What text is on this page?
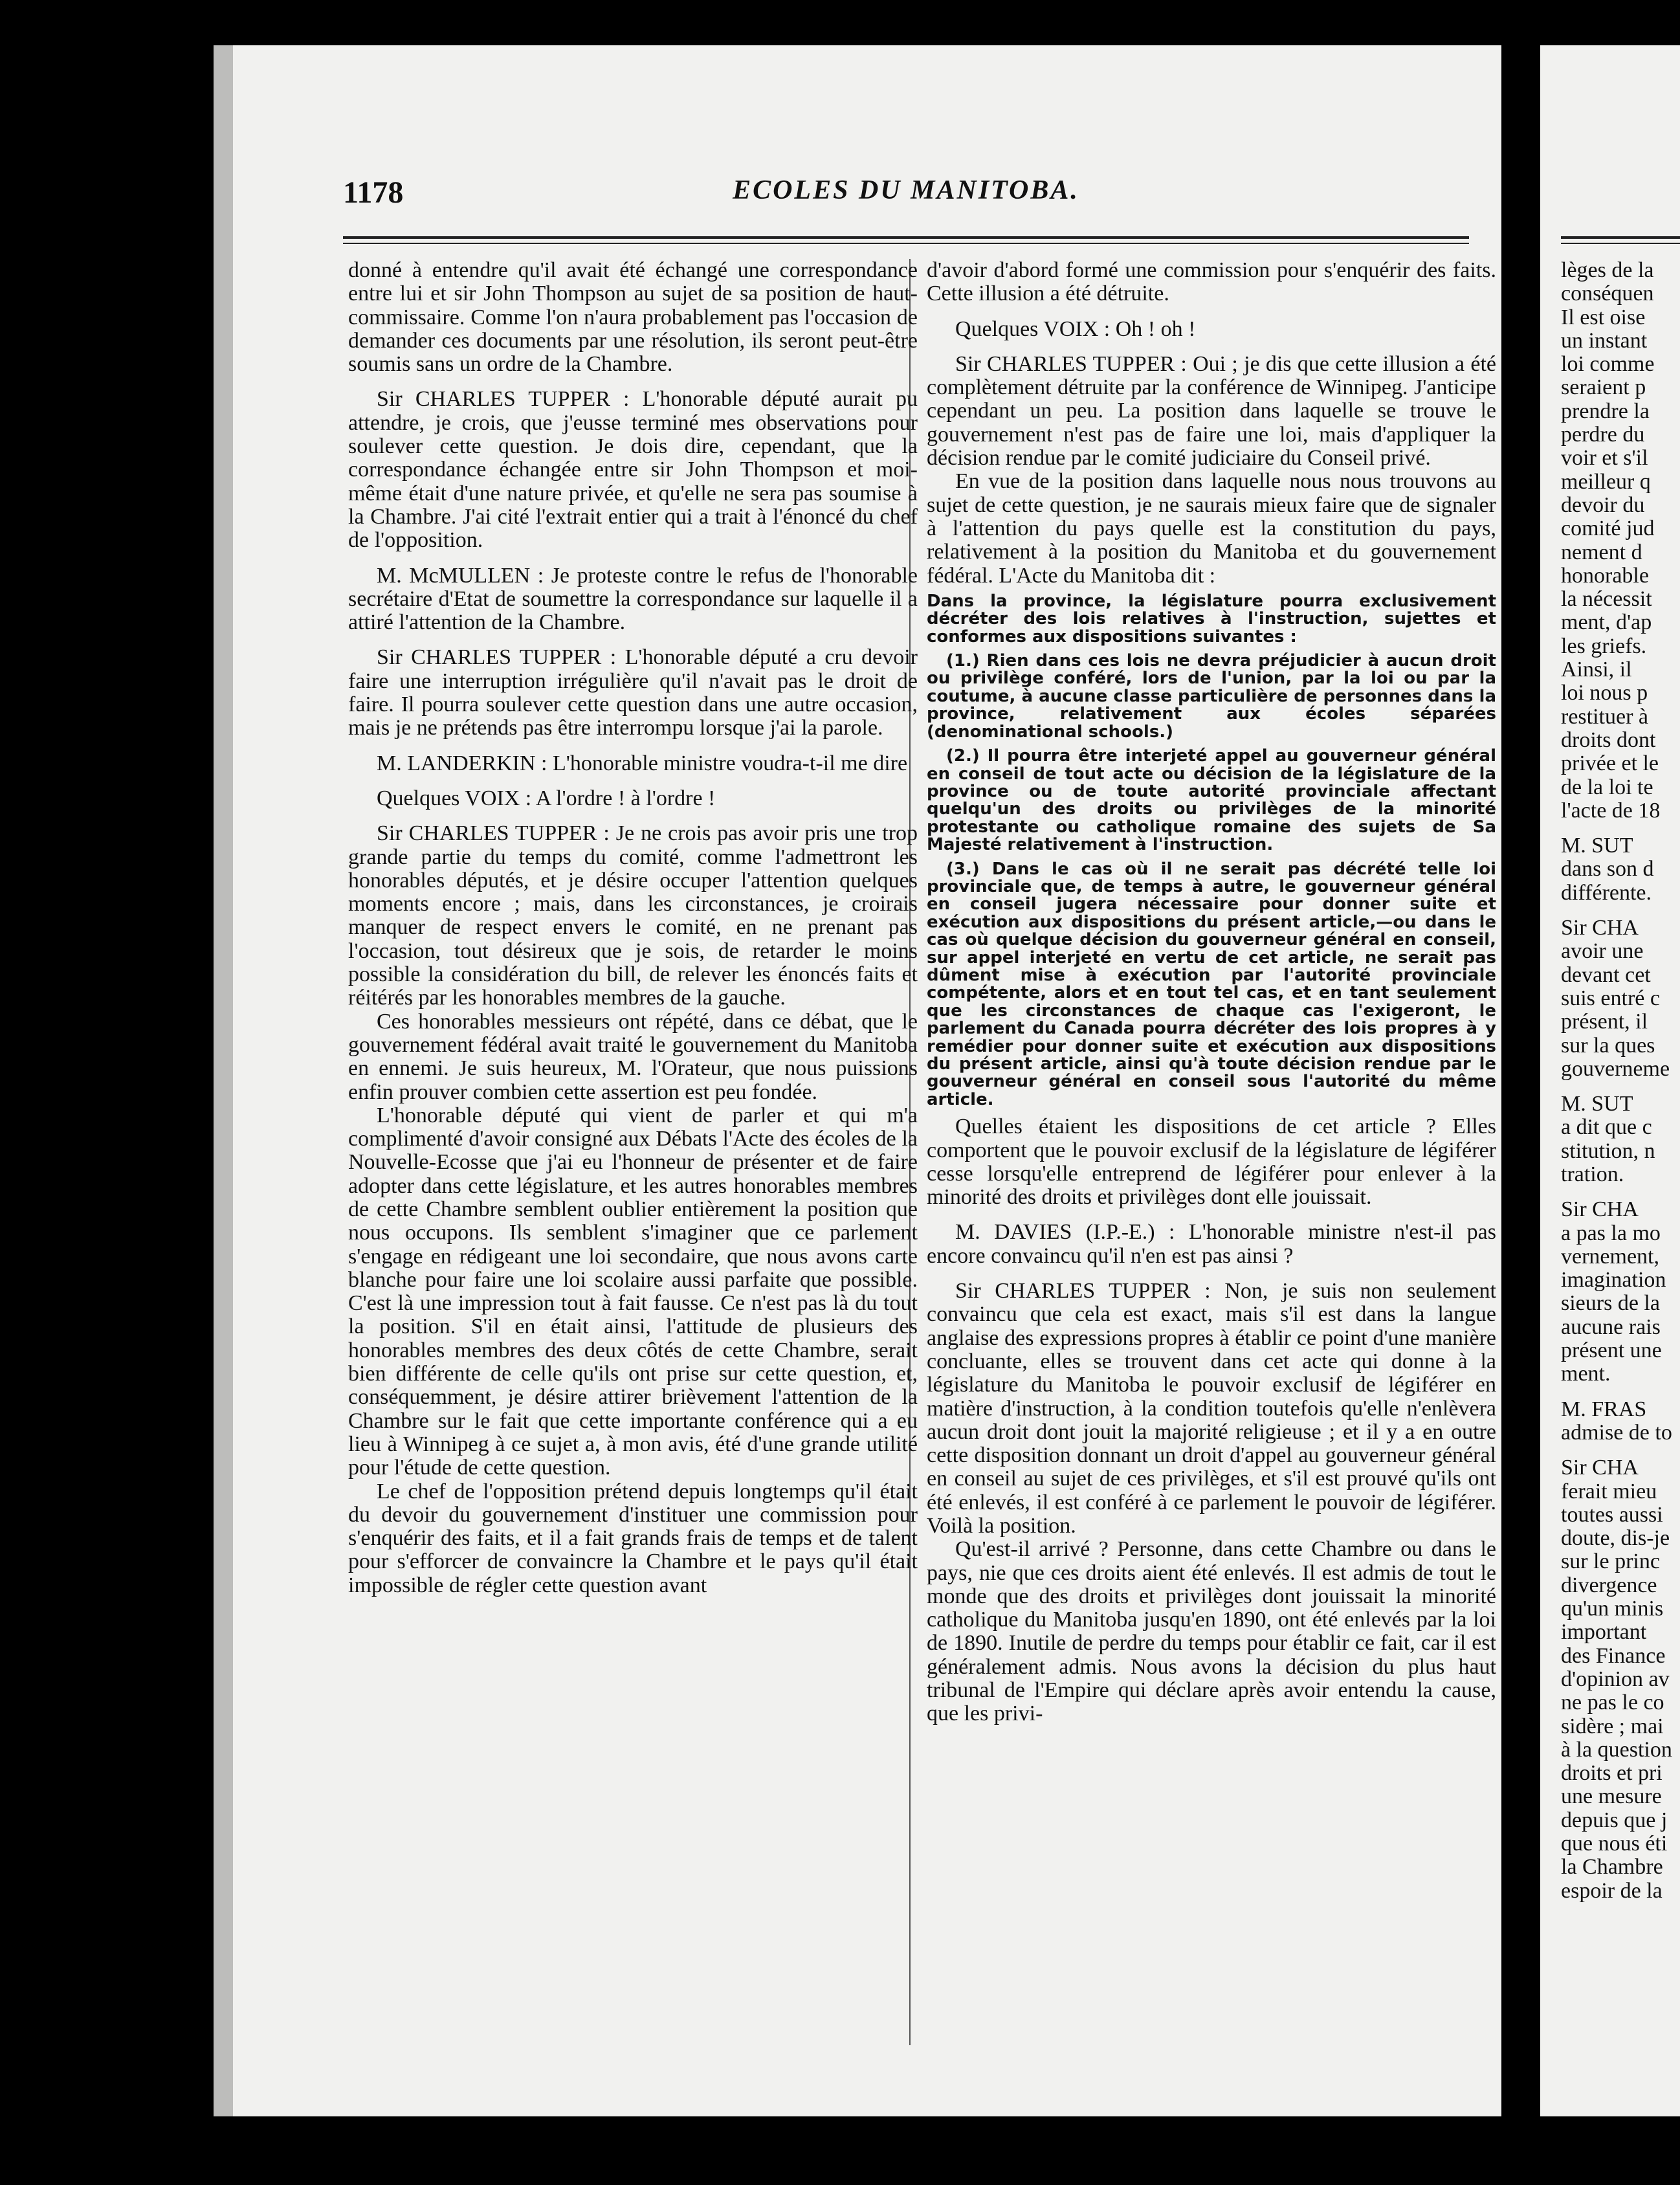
ECOLES DU MANITOBA.
1178

donné à entendre qu'il avait été échangé une correspondance entre lui et sir John Thompson au sujet de sa position de haut-commissaire. Comme l'on n'aura probablement pas l'occasion de demander ces documents par une résolution, ils seront peut-être soumis sans un ordre de la Chambre.

Sir CHARLES TUPPER : L'honorable député aurait pu attendre, je crois, que j'eusse terminé mes observations pour soulever cette question. Je dois dire, cependant, que la correspondance échangée entre sir John Thompson et moi-même était d'une nature privée, et qu'elle ne sera pas soumise à la Chambre. J'ai cité l'extrait entier qui a trait à l'énoncé du chef de l'opposition.

M. McMULLEN : Je proteste contre le refus de l'honorable secrétaire d'Etat de soumettre la correspondance sur laquelle il a attiré l'attention de la Chambre.

Sir CHARLES TUPPER : L'honorable député a cru devoir faire une interruption irrégulière qu'il n'avait pas le droit de faire. Il pourra soulever cette question dans une autre occasion, mais je ne prétends pas être interrompu lorsque j'ai la parole.

M. LANDERKIN : L'honorable ministre voudra-t-il me dire

Quelques VOIX : A l'ordre ! à l'ordre !

Sir CHARLES TUPPER : Je ne crois pas avoir pris une trop grande partie du temps du comité, comme l'admettront les honorables députés, et je désire occuper l'attention quelques moments encore ; mais, dans les circonstances, je croirais manquer de respect envers le comité, en ne prenant pas l'occasion, tout désireux que je sois, de retarder le moins possible la considération du bill, de relever les énoncés faits et réitérés par les honorables membres de la gauche.

Ces honorables messieurs ont répété, dans ce débat, que le gouvernement fédéral avait traité le gouvernement du Manitoba en ennemi. Je suis heureux, M. l'Orateur, que nous puissions enfin prouver combien cette assertion est peu fondée.

L'honorable député qui vient de parler et qui m'a complimenté d'avoir consigné aux Débats l'Acte des écoles de la Nouvelle-Ecosse que j'ai eu l'honneur de présenter et de faire adopter dans cette législature, et les autres honorables membres de cette Chambre semblent oublier entièrement la position que nous occupons. Ils semblent s'imaginer que ce parlement s'engage en rédigeant une loi secondaire, que nous avons carte blanche pour faire une loi scolaire aussi parfaite que possible. C'est là une impression tout à fait fausse. Ce n'est pas là du tout la position. S'il en était ainsi, l'attitude de plusieurs des honorables membres des deux côtés de cette Chambre, serait bien différente de celle qu'ils ont prise sur cette question, et, conséquemment, je désire attirer brièvement l'attention de la Chambre sur le fait que cette importante conférence qui a eu lieu à Winnipeg à ce sujet a, à mon avis, été d'une grande utilité pour l'étude de cette question.

Le chef de l'opposition prétend depuis longtemps qu'il était du devoir du gouvernement d'instituer une commission pour s'enquérir des faits, et il a fait grands frais de temps et de talent pour s'efforcer de convaincre la Chambre et le pays qu'il était impossible de régler cette question avant

d'avoir d'abord formé une commission pour s'enquérir des faits. Cette illusion a été détruite.

Quelques VOIX : Oh ! oh !

Sir CHARLES TUPPER : Oui ; je dis que cette illusion a été complètement détruite par la conférence de Winnipeg. J'anticipe cependant un peu. La position dans laquelle se trouve le gouvernement n'est pas de faire une loi, mais d'appliquer la décision rendue par le comité judiciaire du Conseil privé.

En vue de la position dans laquelle nous nous trouvons au sujet de cette question, je ne saurais mieux faire que de signaler à l'attention du pays quelle est la constitution du pays, relativement à la position du Manitoba et du gouvernement fédéral. L'Acte du Manitoba dit :

Dans la province, la législature pourra exclusivement décréter des lois relatives à l'instruction, sujettes et conformes aux dispositions suivantes :

(1.) Rien dans ces lois ne devra préjudicier à aucun droit ou privilège conféré, lors de l'union, par la loi ou par la coutume, à aucune classe particulière de personnes dans la province, relativement aux écoles séparées (denominational schools.)

(2.) Il pourra être interjeté appel au gouverneur général en conseil de tout acte ou décision de la législature de la province ou de toute autorité provinciale affectant quelqu'un des droits ou privilèges de la minorité protestante ou catholique romaine des sujets de Sa Majesté relativement à l'instruction.

(3.) Dans le cas où il ne serait pas décrété telle loi provinciale que, de temps à autre, le gouverneur général en conseil jugera nécessaire pour donner suite et exécution aux dispositions du présent article,—ou dans le cas où quelque décision du gouverneur général en conseil, sur appel interjeté en vertu de cet article, ne serait pas dûment mise à exécution par l'autorité provinciale compétente, alors et en tout tel cas, et en tant seulement que les circonstances de chaque cas l'exigeront, le parlement du Canada pourra décréter des lois propres à y remédier pour donner suite et exécution aux dispositions du présent article, ainsi qu'à toute décision rendue par le gouverneur général en conseil sous l'autorité du même article.

Quelles étaient les dispositions de cet article ? Elles comportent que le pouvoir exclusif de la législature de légiférer cesse lorsqu'elle entreprend de légiférer pour enlever à la minorité des droits et privilèges dont elle jouissait.

M. DAVIES (I.P.-E.) : L'honorable ministre n'est-il pas encore convaincu qu'il n'en est pas ainsi ?

Sir CHARLES TUPPER : Non, je suis non seulement convaincu que cela est exact, mais s'il est dans la langue anglaise des expressions propres à établir ce point d'une manière concluante, elles se trouvent dans cet acte qui donne à la législature du Manitoba le pouvoir exclusif de légiférer en matière d'instruction, à la condition toutefois qu'elle n'enlèvera aucun droit dont jouit la majorité religieuse ; et il y a en outre cette disposition donnant un droit d'appel au gouverneur général en conseil au sujet de ces privilèges, et s'il est prouvé qu'ils ont été enlevés, il est conféré à ce parlement le pouvoir de légiférer. Voilà la position.

Qu'est-il arrivé ? Personne, dans cette Chambre ou dans le pays, nie que ces droits aient été enlevés. Il est admis de tout le monde que des droits et privilèges dont jouissait la minorité catholique du Manitoba jusqu'en 1890, ont été enlevés par la loi de 1890. Inutile de perdre du temps pour établir ce fait, car il est généralement admis. Nous avons la décision du plus haut tribunal de l'Empire qui déclare après avoir entendu la cause, que les privi-

lèges de la
conséquen
Il est oise
un instant
loi comme
seraient p
prendre la
perdre du
voir et s'il
meilleur q
devoir du
comité jud
nement d
honorable
la nécessit
ment, d'ap
les griefs.
Ainsi, il
loi nous p
restituer à
droits dont
privée et le
de la loi te
l'acte de 18
M. SUT
dans son d
différente.
Sir CHA
avoir une
devant cet
suis entré c
présent, il
sur la ques
gouverneme
M. SUT
a dit que c
stitution, n
tration.
Sir CHA
a pas la mo
vernement,
imagination
sieurs de la
aucune rais
présent une
ment.
M. FRAS
admise de to
Sir CHA
ferait mieu
toutes aussi
doute, dis-je
sur le princ
divergence
qu'un minis
important
des Finance
d'opinion av
ne pas le co
sidère ; mai
à la question
droits et pri
une mesure
depuis que j
que nous éti
la Chambre
espoir de la
